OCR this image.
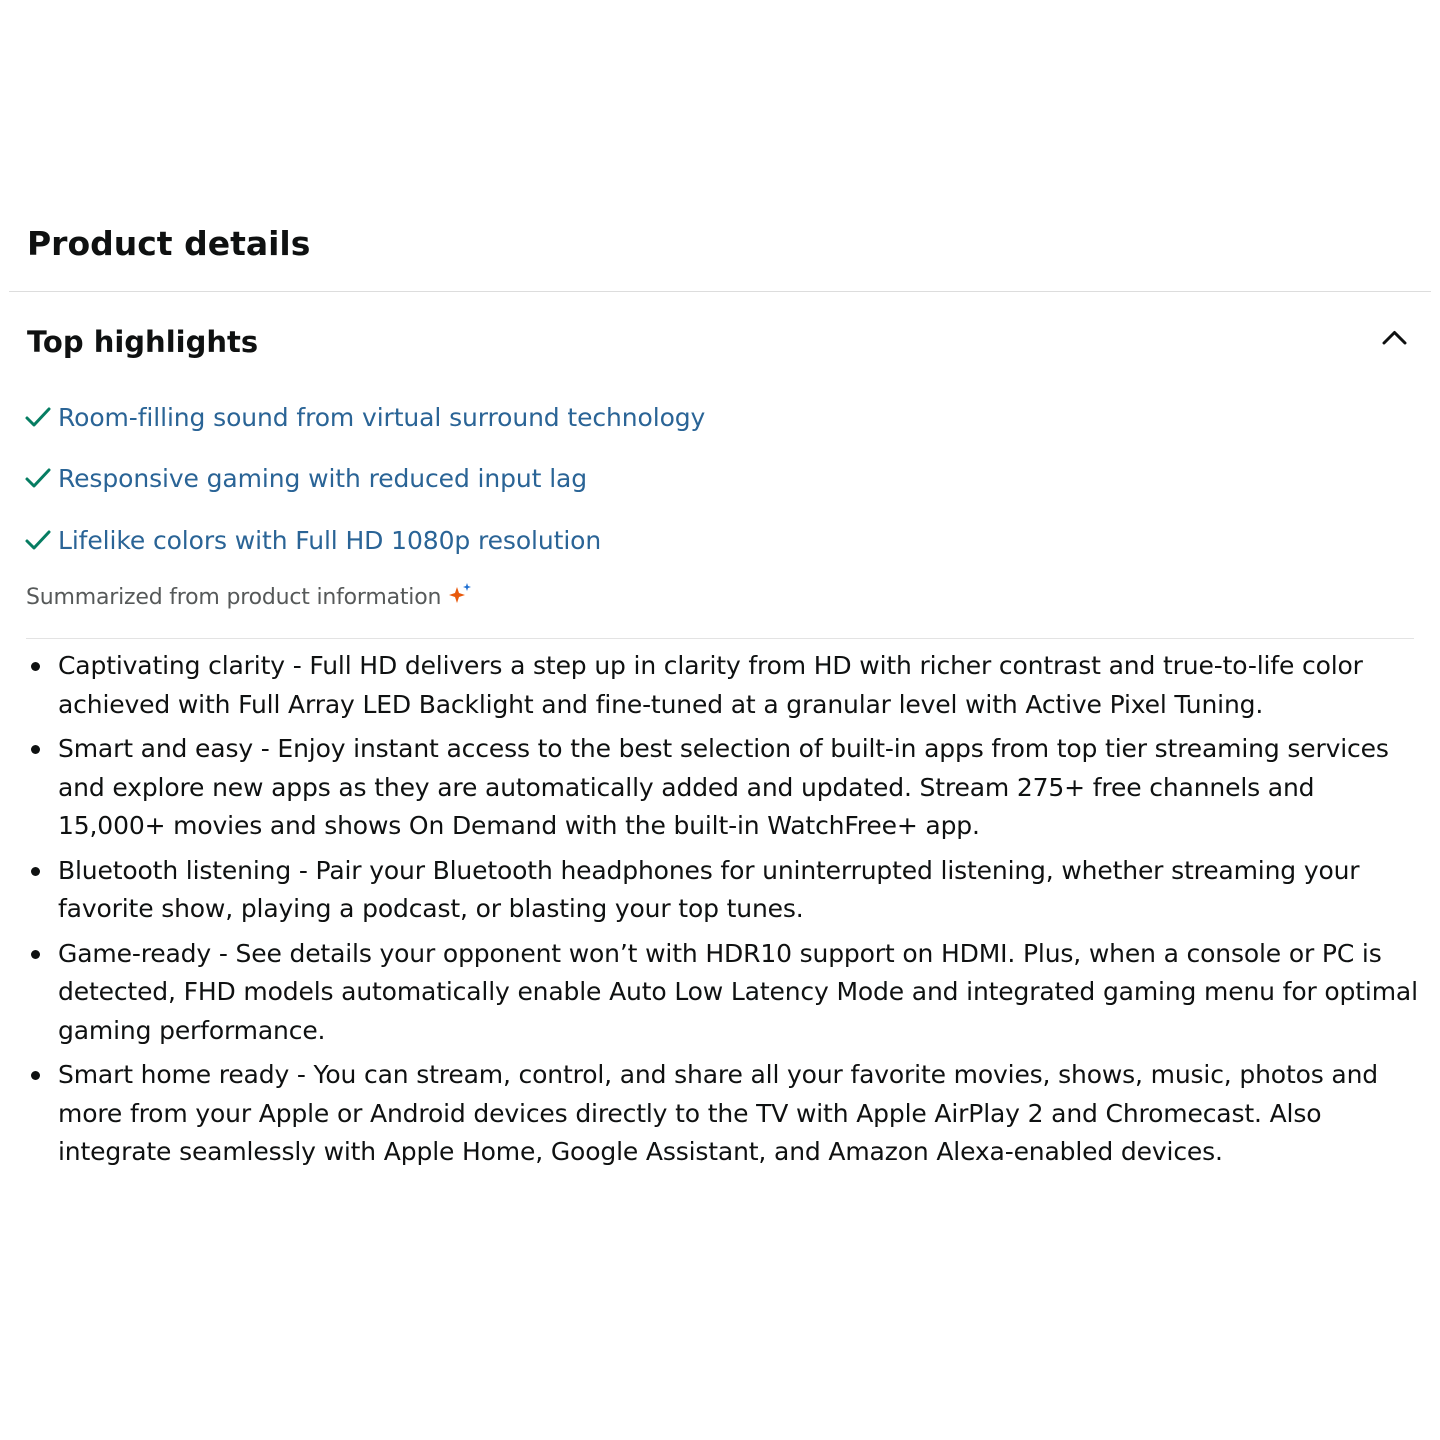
Product details
Top highlights
Room-filling sound from virtual surround technology
Responsive gaming with reduced input lag
Lifelike colors with Full HD 1080p resolution
Summarized from product information
Captivating clarity - Full HD delivers a step up in clarity from HD with richer contrast and true-to-life color achieved with Full Array LED Backlight and fine-tuned at a granular level with Active Pixel Tuning.
Smart and easy - Enjoy instant access to the best selection of built-in apps from top tier streaming services and explore new apps as they are automatically added and updated. Stream 275+ free channels and 15,000+ movies and shows On Demand with the built-in WatchFree+ app.
Bluetooth listening - Pair your Bluetooth headphones for uninterrupted listening, whether streaming your favorite show, playing a podcast, or blasting your top tunes.
Game-ready - See details your opponent won’t with HDR10 support on HDMI. Plus, when a console or PC is detected, FHD models automatically enable Auto Low Latency Mode and integrated gaming menu for optimal gaming performance.
Smart home ready - You can stream, control, and share all your favorite movies, shows, music, photos and more from your Apple or Android devices directly to the TV with Apple AirPlay 2 and Chromecast. Also integrate seamlessly with Apple Home, Google Assistant, and Amazon Alexa-enabled devices.
